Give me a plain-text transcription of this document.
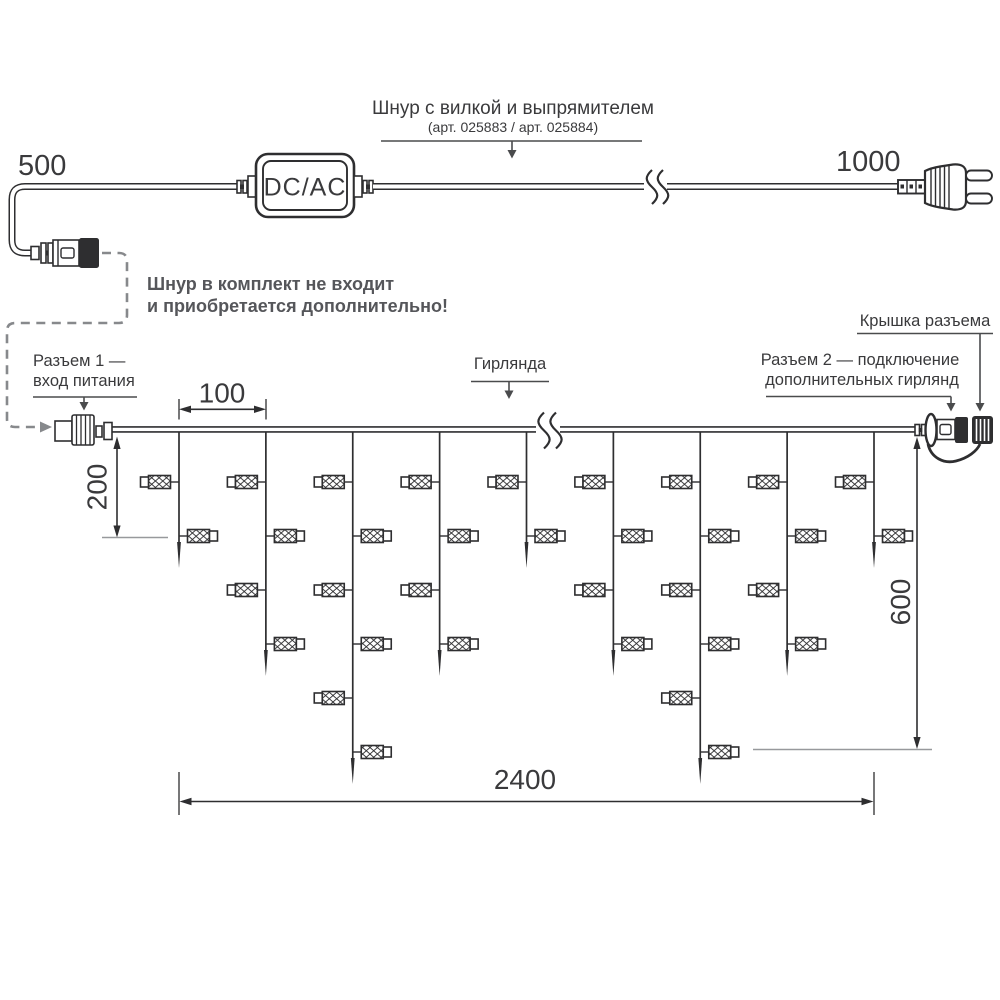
DC/AC
500	1000
Шнур с вилкой и выпрямителем
(арт. 025883 / арт. 025884)
Шнур в комплект не входит
и приобретается дополнительно!
Разъем 1 —
вход питания 100
200
600
2400
Гирлянда	Разъем 2 — подключение
дополнительных гирлянд
Крышка разъема
